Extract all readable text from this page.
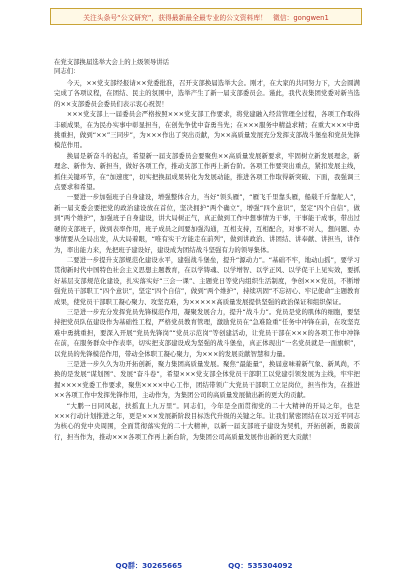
关注头条号“公文研究”，获得最新最全最专业的公文资料库！ 微信：gongwen1
在党支部换届选举大会上的上级领导讲话
同志们：

今天，××党支部经报请××党委批准，召开支部换届选举大会。刚才，在大家的共同努力下，大会圆满完成了各项议程，在团结、民主的氛围中，选举产生了新一届支部委员会。谨此，我代表集团党委对新当选的××支部委员会委员们表示衷心祝贺！

×××党支部上一届委员会严格按照×××党支部工作要求，将党建融入经营管理全过程，各项工作取得丰硕成果，在为民办实事中彰显担当，在创先争优中奋勇当先；在×××服务中精益求精；在重大×××中勇挑重担，做到“××”三同步”，为×××作出了突出贡献，为××高质量发展充分发挥支部战斗堡垒和党员先锋模范作用。

换届是新奋斗的起点，希望新一届支部委员会要聚焦××高质量发展新要求，牢固树立新发展理念，新理念、新作为、新担当，做好各项工作，推动支部工作再上新台阶。各项工作要突出重点，紧扣发展主线，抓住关键环节，在“加速度”，切实把换届成果转化为发展动能，推进各项工作取得新突破、下面，我强调三点要求和希望。

一要进一步加强班子自身建设，增强整体合力，当好“领头雁”，“雁飞千里靠头雁，船载千斤靠舵人”，新一届支委会要把党的政治建设放在首位，坚决拥护“两个确立”，增强“四个意识”，坚定“四个自信”，做到“两个维护”，加强班子自身建设，讲大局树正气，真正做到工作中想事情为干事，干事能干成事，带出过硬的支部班子，做到表率作用，班子成员之间要加强沟通，互相支持，互相配合，对事不对人，想问题、办事情要从全局出发，从大局着眼，“唯有实干方能走在前列”，做到讲政治、讲团结、讲奉献、讲担当，讲作为，率出能力来，先把班子建设好，建设成为团结战斗坚强有力的领导集体。

二要进一步提升支部规范化建设水平，建强战斗堡垒，提升“源动力”。“基础不牢，地动山摇”，要学习贯彻新时代中国特色社会主义思想主题教育，在以学铸魂、以学增智、以学正风、以学促干上见实效，要抓好基层支部规范化建设，扎实落实好“三会一课”、主题党日等党内组织生活制度，争创×××党员，不断增强党员干部职工“四个意识”，坚定“四个自信”，做到“两个维护”，持续巩固“不忘初心、牢记使命”主题教育成果，使党员干部职工凝心聚力、攻坚克难，为×××××高质量发展提供坚强的政治保证和组织保证。

三是进一步充分发挥党员先锋模范作用，凝聚发展合力，提升“战斗力”。党员是党的肌体的细胞，要坚持把党员队伍建设作为基础性工程，严格党员教育管理，激励党员在“急难险重”任务中冲锋在前，在攻坚克难中勇挑重担，要深入开展“党员先锋岗”“党员示范岗”等创建活动，让党员干部在×××的各项工作中冲锋在前，在服务群众中作表率，切实把支部建设成为坚强的战斗堡垒，真正体现出“一名党员就是一面旗帜”，以党员的先锋模范作用，带动全体职工凝心聚力，为×××的发展贡献智慧和力量。

三是进一步久久为功开拓创新，聚力集团高质量发展。聚焦“最能量”，换届意味着新气象、新风尚，不换的是发展“谋划图”、发展“奋斗卷”，希望×××党支部全体党员干部职工以党建引领发展为主线，牢牢把握××××党委工作要求，聚焦××××中心工作，团结带领广大党员干部职工立足岗位，担当作为，在推进××各项工作中发挥先锋作用，主动作为，为集团公司的高质量发展做出新的更大的贡献。

“大鹏一日同风起，扶摇直上九万里”。同志们，今年是全面贯彻党的二十大精神的开局之年，也是×××行动计划推进之年，更是×××发展新阶段目标迭代升级的关键之年。让我们紧密团结在以习近平同志为核心的党中央周围，全面贯彻落实党的二十大精神，以新一届支部班子建设为契机，开拓创新，勇毅前行，担当作为，推动×××各项工作再上新台阶，为集团公司高质量发展作出新的更大贡献！

QQ群：30265665	QQ：535304092
